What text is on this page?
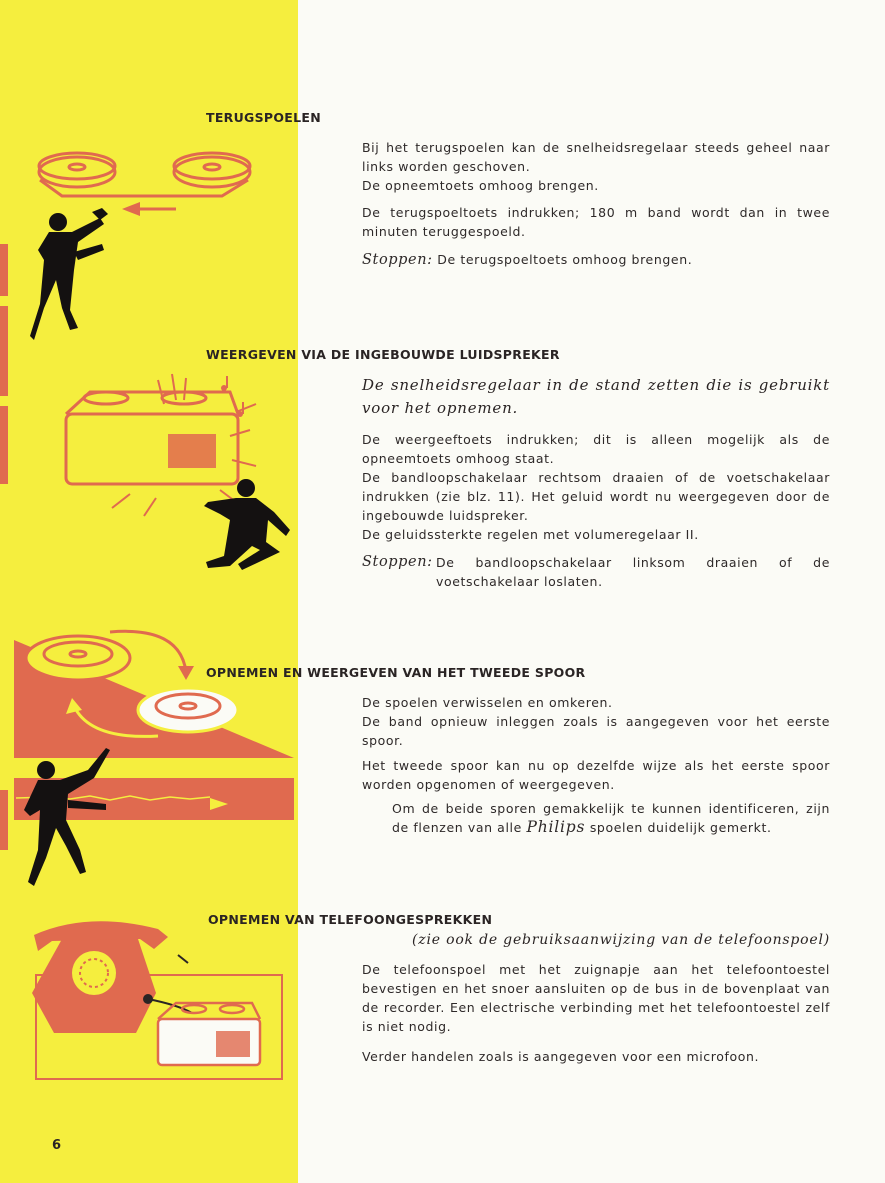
TERUGSPOELEN

Bij het terugspoelen kan de snelheidsregelaar steeds geheel naar links worden geschoven.
De opneemtoets omhoog brengen.

De terugspoeltoets indrukken; 180 m band wordt dan in twee minuten teruggespoeld.

Stoppen: De terugspoeltoets omhoog brengen.

WEERGEVEN VIA DE INGEBOUWDE LUIDSPREKER

De snelheidsregelaar in de stand zetten die is gebruikt voor het opnemen.

De weergeeftoets indrukken; dit is alleen mogelijk als de opneemtoets omhoog staat.
De bandloopschakelaar rechtsom draaien of de voetschakelaar indrukken (zie blz. 11). Het geluid wordt nu weergegeven door de ingebouwde luidspreker.
De geluidssterkte regelen met volumeregelaar II.

Stoppen: De bandloopschakelaar linksom draaien of de voetschakelaar loslaten.

OPNEMEN EN WEERGEVEN VAN HET TWEEDE SPOOR

De spoelen verwisselen en omkeren.
De band opnieuw inleggen zoals is aangegeven voor het eerste spoor.

Het tweede spoor kan nu op dezelfde wijze als het eerste spoor worden opgenomen of weergegeven.

Om de beide sporen gemakkelijk te kunnen identificeren, zijn de flenzen van alle Philips spoelen duidelijk gemerkt.

OPNEMEN VAN TELEFOONGESPREKKEN

(zie ook de gebruiksaanwijzing van de telefoonspoel)

De telefoonspoel met het zuignapje aan het telefoontoestel bevestigen en het snoer aansluiten op de bus in de bovenplaat van de recorder. Een electrische verbinding met het telefoontoestel zelf is niet nodig.

Verder handelen zoals is aangegeven voor een microfoon.

6
